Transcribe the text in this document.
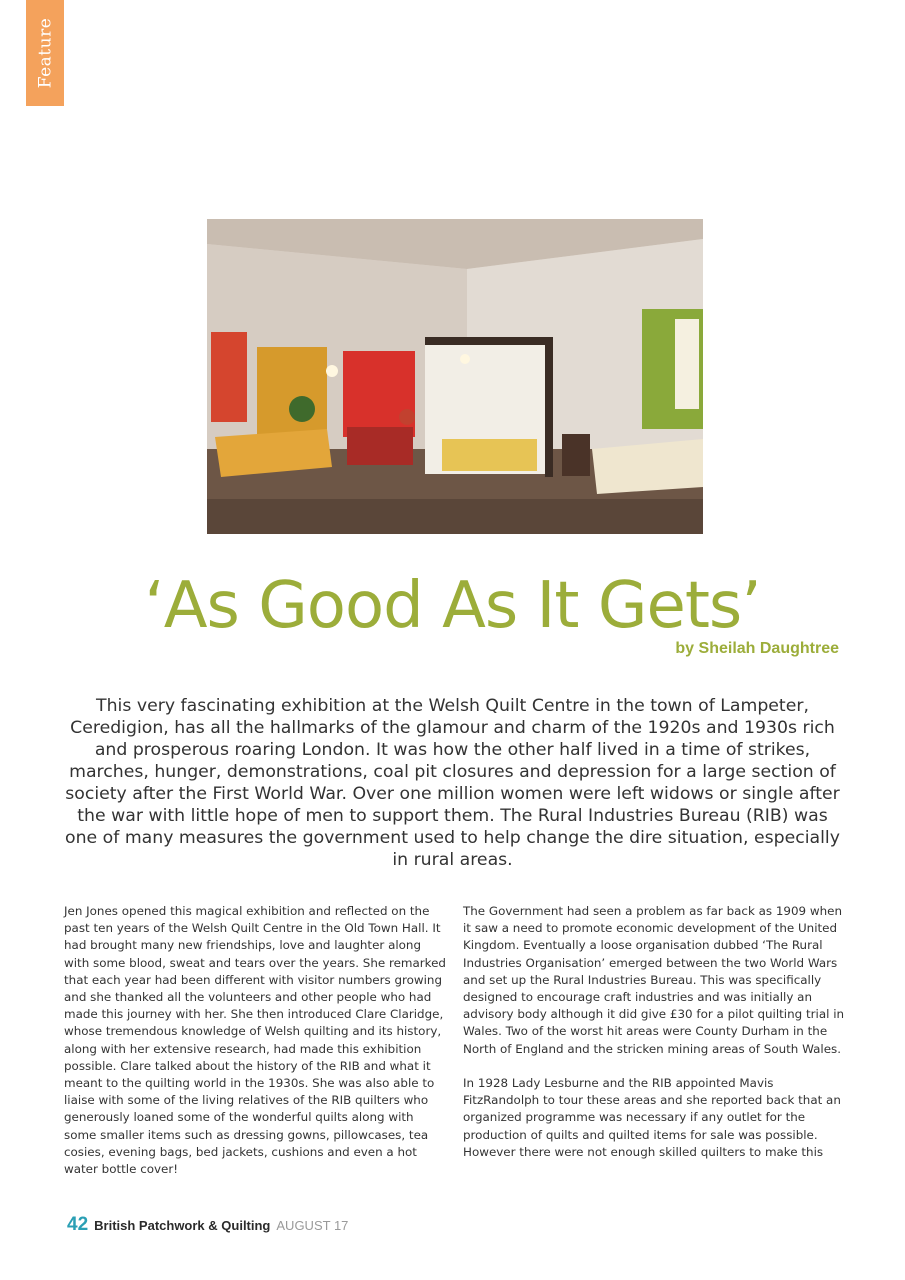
Feature
‘As Good As It Gets’
by Sheilah Daughtree

This very fascinating exhibition at the Welsh Quilt Centre in the town of Lampeter, Ceredigion, has all the hallmarks of the glamour and charm of the 1920s and 1930s rich and prosperous roaring London. It was how the other half lived in a time of strikes, marches, hunger, demonstrations, coal pit closures and depression for a large section of society after the First World War. Over one million women were left widows or single after the war with little hope of men to support them. The Rural Industries Bureau (RIB) was one of many measures the government used to help change the dire situation, especially in rural areas.

Jen Jones opened this magical exhibition and reflected on the past ten years of the Welsh Quilt Centre in the Old Town Hall. It had brought many new friendships, love and laughter along with some blood, sweat and tears over the years. She remarked that each year had been different with visitor numbers growing and she thanked all the volunteers and other people who had made this journey with her. She then introduced Clare Claridge, whose tremendous knowledge of Welsh quilting and its history, along with her extensive research, had made this exhibition possible. Clare talked about the history of the RIB and what it meant to the quilting world in the 1930s. She was also able to liaise with some of the living relatives of the RIB quilters who generously loaned some of the wonderful quilts along with some smaller items such as dressing gowns, pillowcases, tea cosies, evening bags, bed jackets, cushions and even a hot water bottle cover!

The Government had seen a problem as far back as 1909 when it saw a need to promote economic development of the United Kingdom. Eventually a loose organisation dubbed ‘The Rural Industries Organisation’ emerged between the two World Wars and set up the Rural Industries Bureau. This was specifically designed to encourage craft industries and was initially an advisory body although it did give £30 for a pilot quilting trial in Wales. Two of the worst hit areas were County Durham in the North of England and the stricken mining areas of South Wales.

In 1928 Lady Lesburne and the RIB appointed Mavis FitzRandolph to tour these areas and she reported back that an organized programme was necessary if any outlet for the production of quilts and quilted items for sale was possible. However there were not enough skilled quilters to make this

42 British Patchwork & Quilting AUGUST 17
